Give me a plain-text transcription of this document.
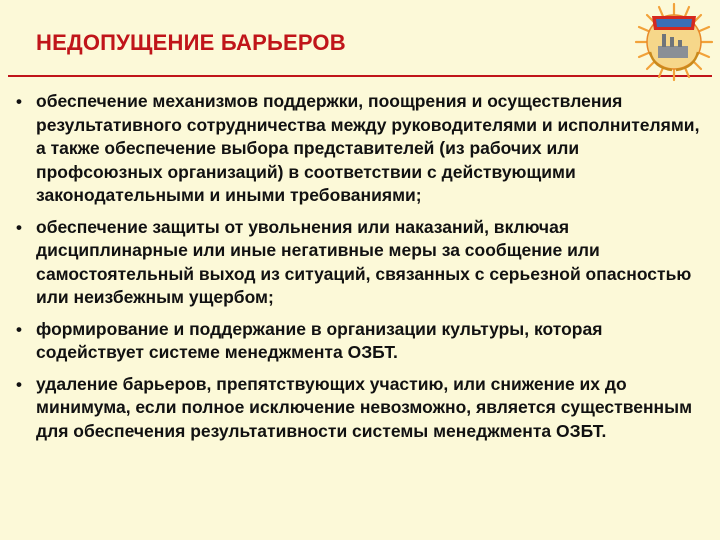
НЕДОПУЩЕНИЕ БАРЬЕРОВ
• обеспечение механизмов поддержки, поощрения и осуществления результативного сотрудничества между руководителями и исполнителями, а также обеспечение выбора представителей (из рабочих или профсоюзных организаций) в соответствии с действующими законодательными и иными требованиями;
• обеспечение защиты от увольнения или наказаний, включая дисциплинарные или иные негативные меры за сообщение или самостоятельный выход из ситуаций, связанных с серьезной опасностью или неизбежным ущербом;
• формирование и поддержание в организации культуры, которая содействует системе менеджмента ОЗБТ.
• удаление барьеров, препятствующих участию, или снижение их до минимума, если полное исключение невозможно, является существенным для обеспечения результативности системы менеджмента ОЗБТ.
